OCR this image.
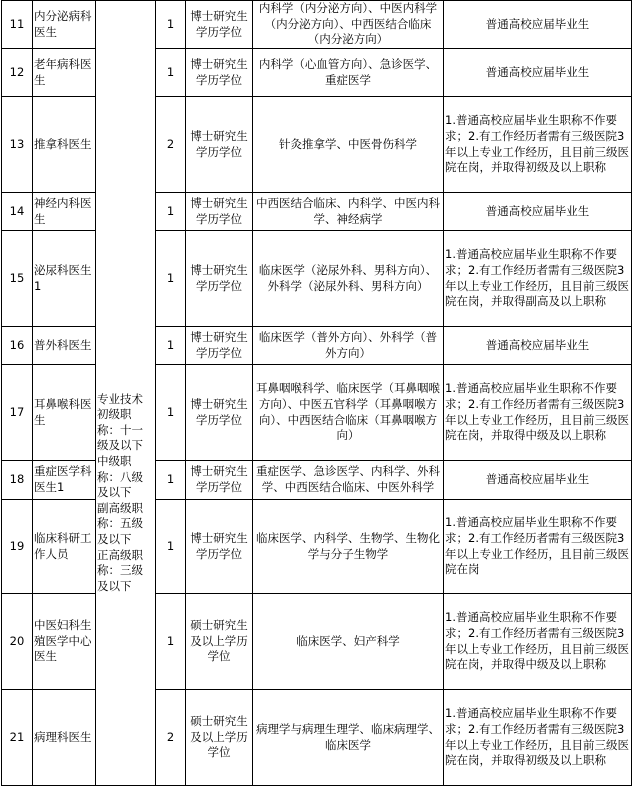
11	内分泌病科医生	专业技术初级职称：十一级及以下
中级职称：八级及以下
副高级职称：五级及以下
正高级职称：三级及以下	1	博士研究生学历学位	内科学（内分泌方向）、中医内科学（内分泌方向）、中西医结合临床（内分泌方向）	普通高校应届毕业生
12	老年病科医生		1	博士研究生学历学位	内科学（心血管方向）、急诊医学、重症医学	普通高校应届毕业生
13	推拿科医生		2	博士研究生学历学位	针灸推拿学、中医骨伤科学	1.普通高校应届毕业生职称不作要求；2.有工作经历者需有三级医院3年以上专业工作经历，且目前三级医院在岗，并取得初级及以上职称
14	神经内科医生		1	博士研究生学历学位	中西医结合临床、内科学、中医内科学、神经病学	普通高校应届毕业生
15	泌尿科医生1		1	博士研究生学历学位	临床医学（泌尿外科、男科方向）、外科学（泌尿外科、男科方向）	1.普通高校应届毕业生职称不作要求；2.有工作经历者需有三级医院3年以上专业工作经历，且目前三级医院在岗，并取得副高及以上职称
16	普外科医生		1	博士研究生学历学位	临床医学（普外方向）、外科学（普外方向）	普通高校应届毕业生
17	耳鼻喉科医生		1	博士研究生学历学位	耳鼻咽喉科学、临床医学（耳鼻咽喉方向）、中医五官科学（耳鼻咽喉方向）、中西医结合临床（耳鼻咽喉方向）	1.普通高校应届毕业生职称不作要求；2.有工作经历者需有三级医院3年以上专业工作经历，且目前三级医院在岗，并取得中级及以上职称
18	重症医学科医生1		1	博士研究生学历学位	重症医学、急诊医学、内科学、外科学、中西医结合临床、中医外科学	普通高校应届毕业生
19	临床科研工作人员		1	博士研究生学历学位	临床医学、内科学、生物学、生物化学与分子生物学	1.普通高校应届毕业生职称不作要求；2.有工作经历者需有三级医院3年以上专业工作经历，且目前三级医院在岗
20	中医妇科生殖医学中心医生		1	硕士研究生及以上学历学位	临床医学、妇产科学	1.普通高校应届毕业生职称不作要求；2.有工作经历者需有三级医院3年以上专业工作经历，且目前三级医院在岗，并取得中级及以上职称
21	病理科医生		2	硕士研究生及以上学历学位	病理学与病理生理学、临床病理学、临床医学	1.普通高校应届毕业生职称不作要求；2.有工作经历者需有三级医院3年以上专业工作经历，且目前三级医院在岗，并取得初级及以上职称
